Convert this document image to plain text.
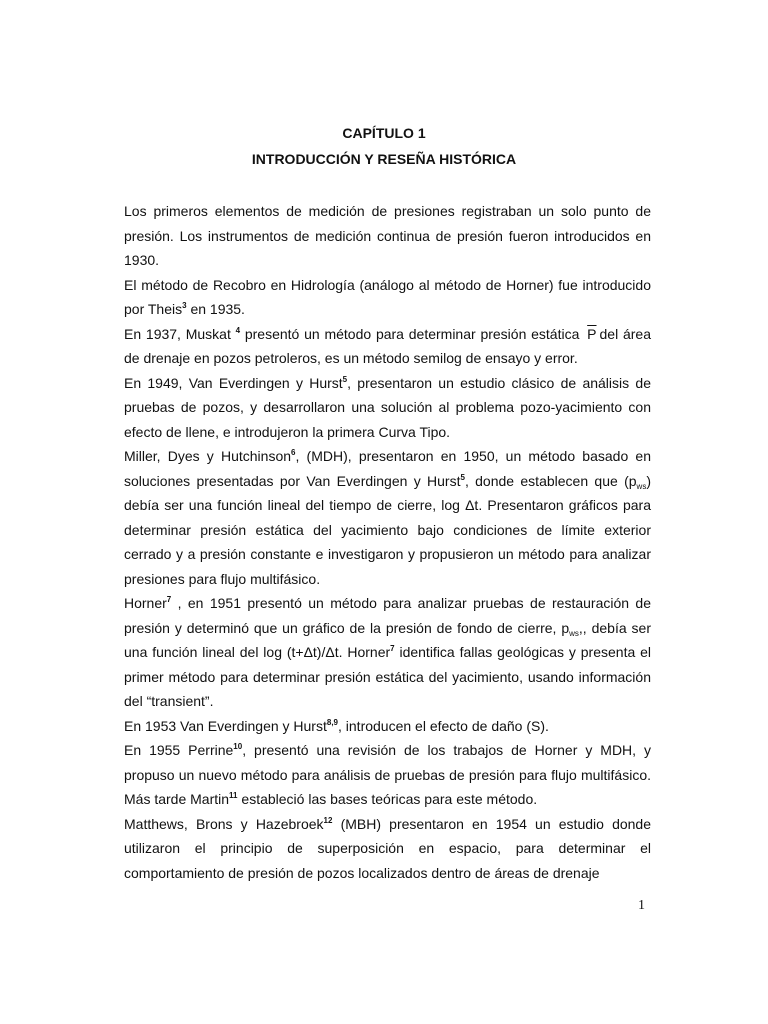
CAPÍTULO 1
INTRODUCCIÓN Y RESEÑA HISTÓRICA

Los primeros elementos de medición de presiones registraban un solo punto de presión. Los instrumentos de medición continua de presión fueron introducidos en 1930.

El método de Recobro en Hidrología (análogo al método de Horner) fue introducido por Theis$^3$ en 1935.

En 1937, Muskat $^4$ presentó un método para determinar presión estática $\overline{P}$ del área de drenaje en pozos petroleros, es un método semilog de ensayo y error.

En 1949, Van Everdingen y Hurst$^5$, presentaron un estudio clásico de análisis de pruebas de pozos, y desarrollaron una solución al problema pozo-yacimiento con efecto de llene, e introdujeron la primera Curva Tipo.

Miller, Dyes y Hutchinson$^6$, (MDH), presentaron en 1950, un método basado en soluciones presentadas por Van Everdingen y Hurst$^5$, donde establecen que $(p_{ws})$ debía ser una función lineal del tiempo de cierre, log Δt. Presentaron gráficos para determinar presión estática del yacimiento bajo condiciones de límite exterior cerrado y a presión constante e investigaron y propusieron un método para analizar presiones para flujo multifásico.

Horner$^7$ , en 1951 presentó un método para analizar pruebas de restauración de presión y determinó que un gráfico de la presión de fondo de cierre, $p_{ws}$,, debía ser una función lineal del log (t+Δt)/Δt. Horner$^7$ identifica fallas geológicas y presenta el primer método para determinar presión estática del yacimiento, usando información del “transient”.

En 1953 Van Everdingen y Hurst$^{8,9}$, introducen el efecto de daño (S).

En 1955 Perrine$^{10}$, presentó una revisión de los trabajos de Horner y MDH, y propuso un nuevo método para análisis de pruebas de presión para flujo multifásico. Más tarde Martin$^{11}$ estableció las bases teóricas para este método.

Matthews, Brons y Hazebroek$^{12}$ (MBH) presentaron en 1954 un estudio donde utilizaron el principio de superposición en espacio, para determinar el comportamiento de presión de pozos localizados dentro de áreas de drenaje

1
